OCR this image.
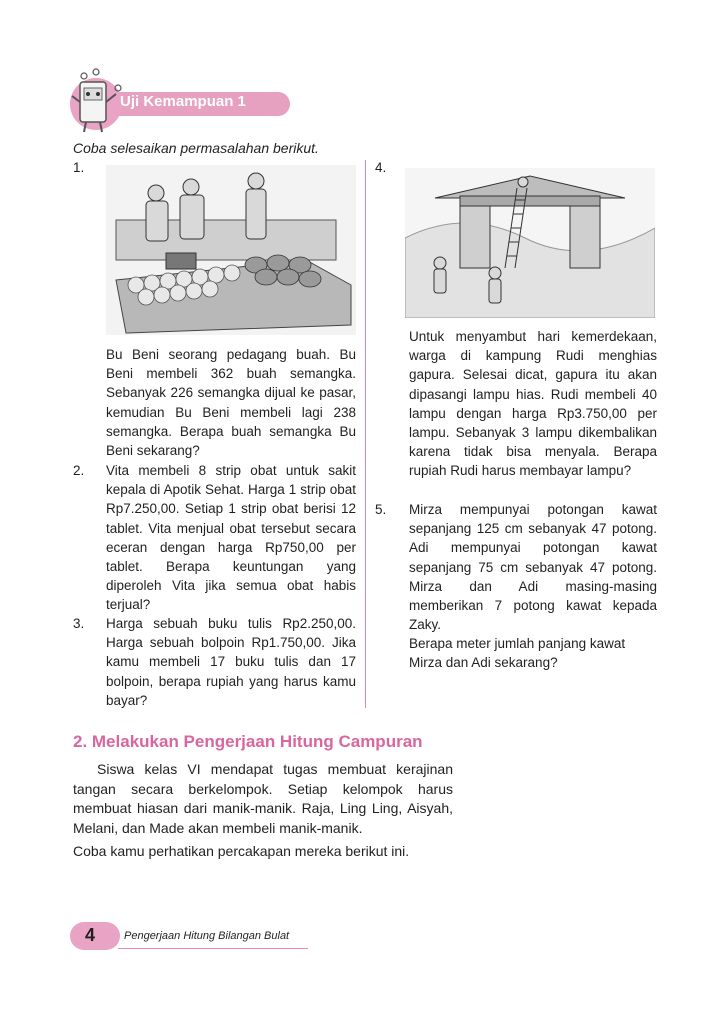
Uji Kemampuan 1
Coba selesaikan permasalahan berikut.
1.
Bu Beni seorang pedagang buah. Bu Beni membeli 362 buah semangka. Sebanyak 226 semangka dijual ke pasar, kemudian Bu Beni membeli lagi 238 semangka. Berapa buah semangka Bu Beni sekarang?
2. Vita membeli 8 strip obat untuk sakit kepala di Apotik Sehat. Harga 1 strip obat Rp7.250,00. Setiap 1 strip obat berisi 12 tablet. Vita menjual obat tersebut secara eceran dengan harga Rp750,00 per tablet. Berapa keuntungan yang diperoleh Vita jika semua obat habis terjual?
3. Harga sebuah buku tulis Rp2.250,00. Harga sebuah bolpoin Rp1.750,00. Jika kamu membeli 17 buku tulis dan 17 bolpoin, berapa rupiah yang harus kamu bayar?
4.
Untuk menyambut hari kemerdekaan, warga di kampung Rudi menghias gapura. Selesai dicat, gapura itu akan dipasangi lampu hias. Rudi membeli 40 lampu dengan harga Rp3.750,00 per lampu. Sebanyak 3 lampu dikembalikan karena tidak bisa menyala. Berapa rupiah Rudi harus membayar lampu?
5. Mirza mempunyai potongan kawat sepanjang 125 cm sebanyak 47 potong. Adi mempunyai potongan kawat sepanjang 75 cm sebanyak 47 potong. Mirza dan Adi masing-masing memberikan 7 potong kawat kepada Zaky.
Berapa meter jumlah panjang kawat Mirza dan Adi sekarang?
2. Melakukan Pengerjaan Hitung Campuran
Siswa kelas VI mendapat tugas membuat kerajinan tangan secara berkelompok. Setiap kelompok harus membuat hiasan dari manik-manik. Raja, Ling Ling, Aisyah, Melani, dan Made akan membeli manik-manik.
Coba kamu perhatikan percakapan mereka berikut ini.
4	Pengerjaan Hitung Bilangan Bulat
